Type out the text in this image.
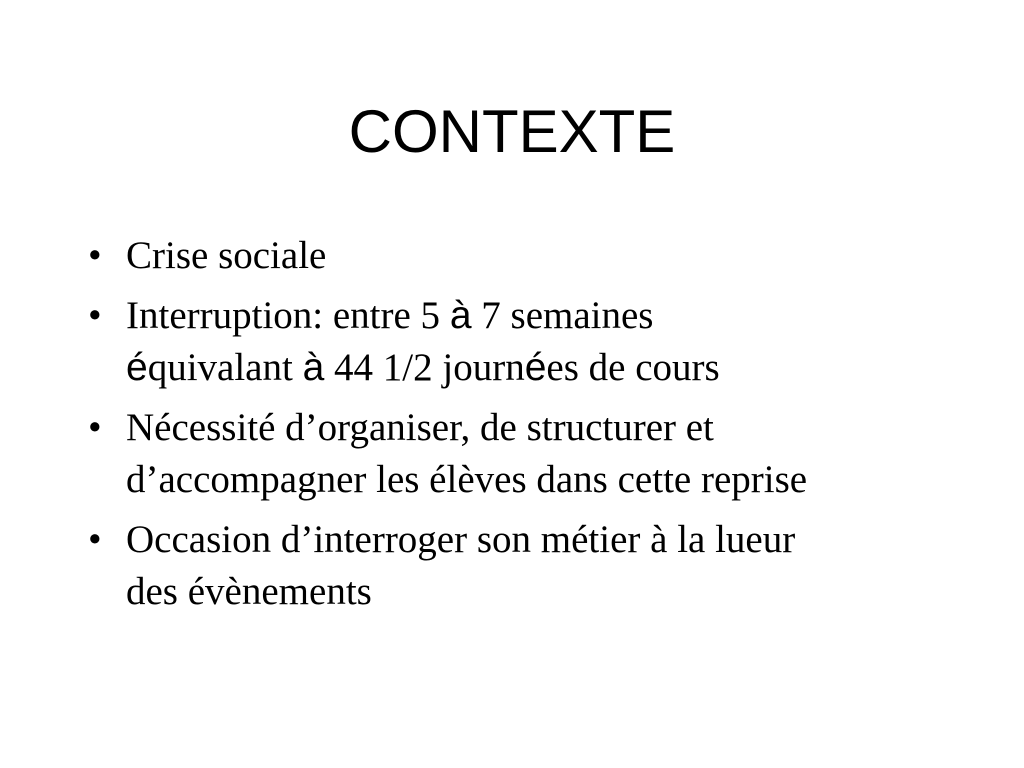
CONTEXTE
• Crise sociale
• Interruption: entre 5 à 7 semaines
équivalant à 44 1/2 journées de cours
• Nécessité d’organiser, de structurer et
d’accompagner les élèves dans cette reprise
• Occasion d’interroger son métier à la lueur
des évènements
